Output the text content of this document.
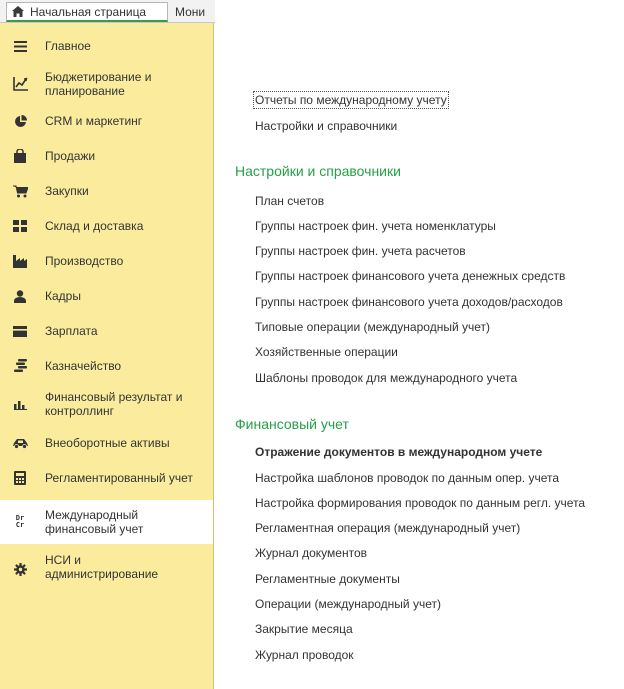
Начальная страница Мони
Главное
Бюджетирование и планирование
CRM и маркетинг
Продажи
Закупки
Склад и доставка
Производство
Кадры
Зарплата
Казначейство
Финансовый результат и контроллинг
Внеоборотные активы
Регламентированный учет
Dr
Cr
Международный финансовый учет
НСИ и администрирование
Отчеты по международному учету
Настройки и справочники
Настройки и справочники
План счетов
Группы настроек фин. учета номенклатуры
Группы настроек фин. учета расчетов
Группы настроек финансового учета денежных средств
Группы настроек финансового учета доходов/расходов
Типовые операции (международный учет)
Хозяйственные операции
Шаблоны проводок для международного учета
Финансовый учет
Отражение документов в международном учете
Настройка шаблонов проводок по данным опер. учета
Настройка формирования проводок по данным регл. учета
Регламентная операция (международный учет)
Журнал документов
Регламентные документы
Операции (международный учет)
Закрытие месяца
Журнал проводок
